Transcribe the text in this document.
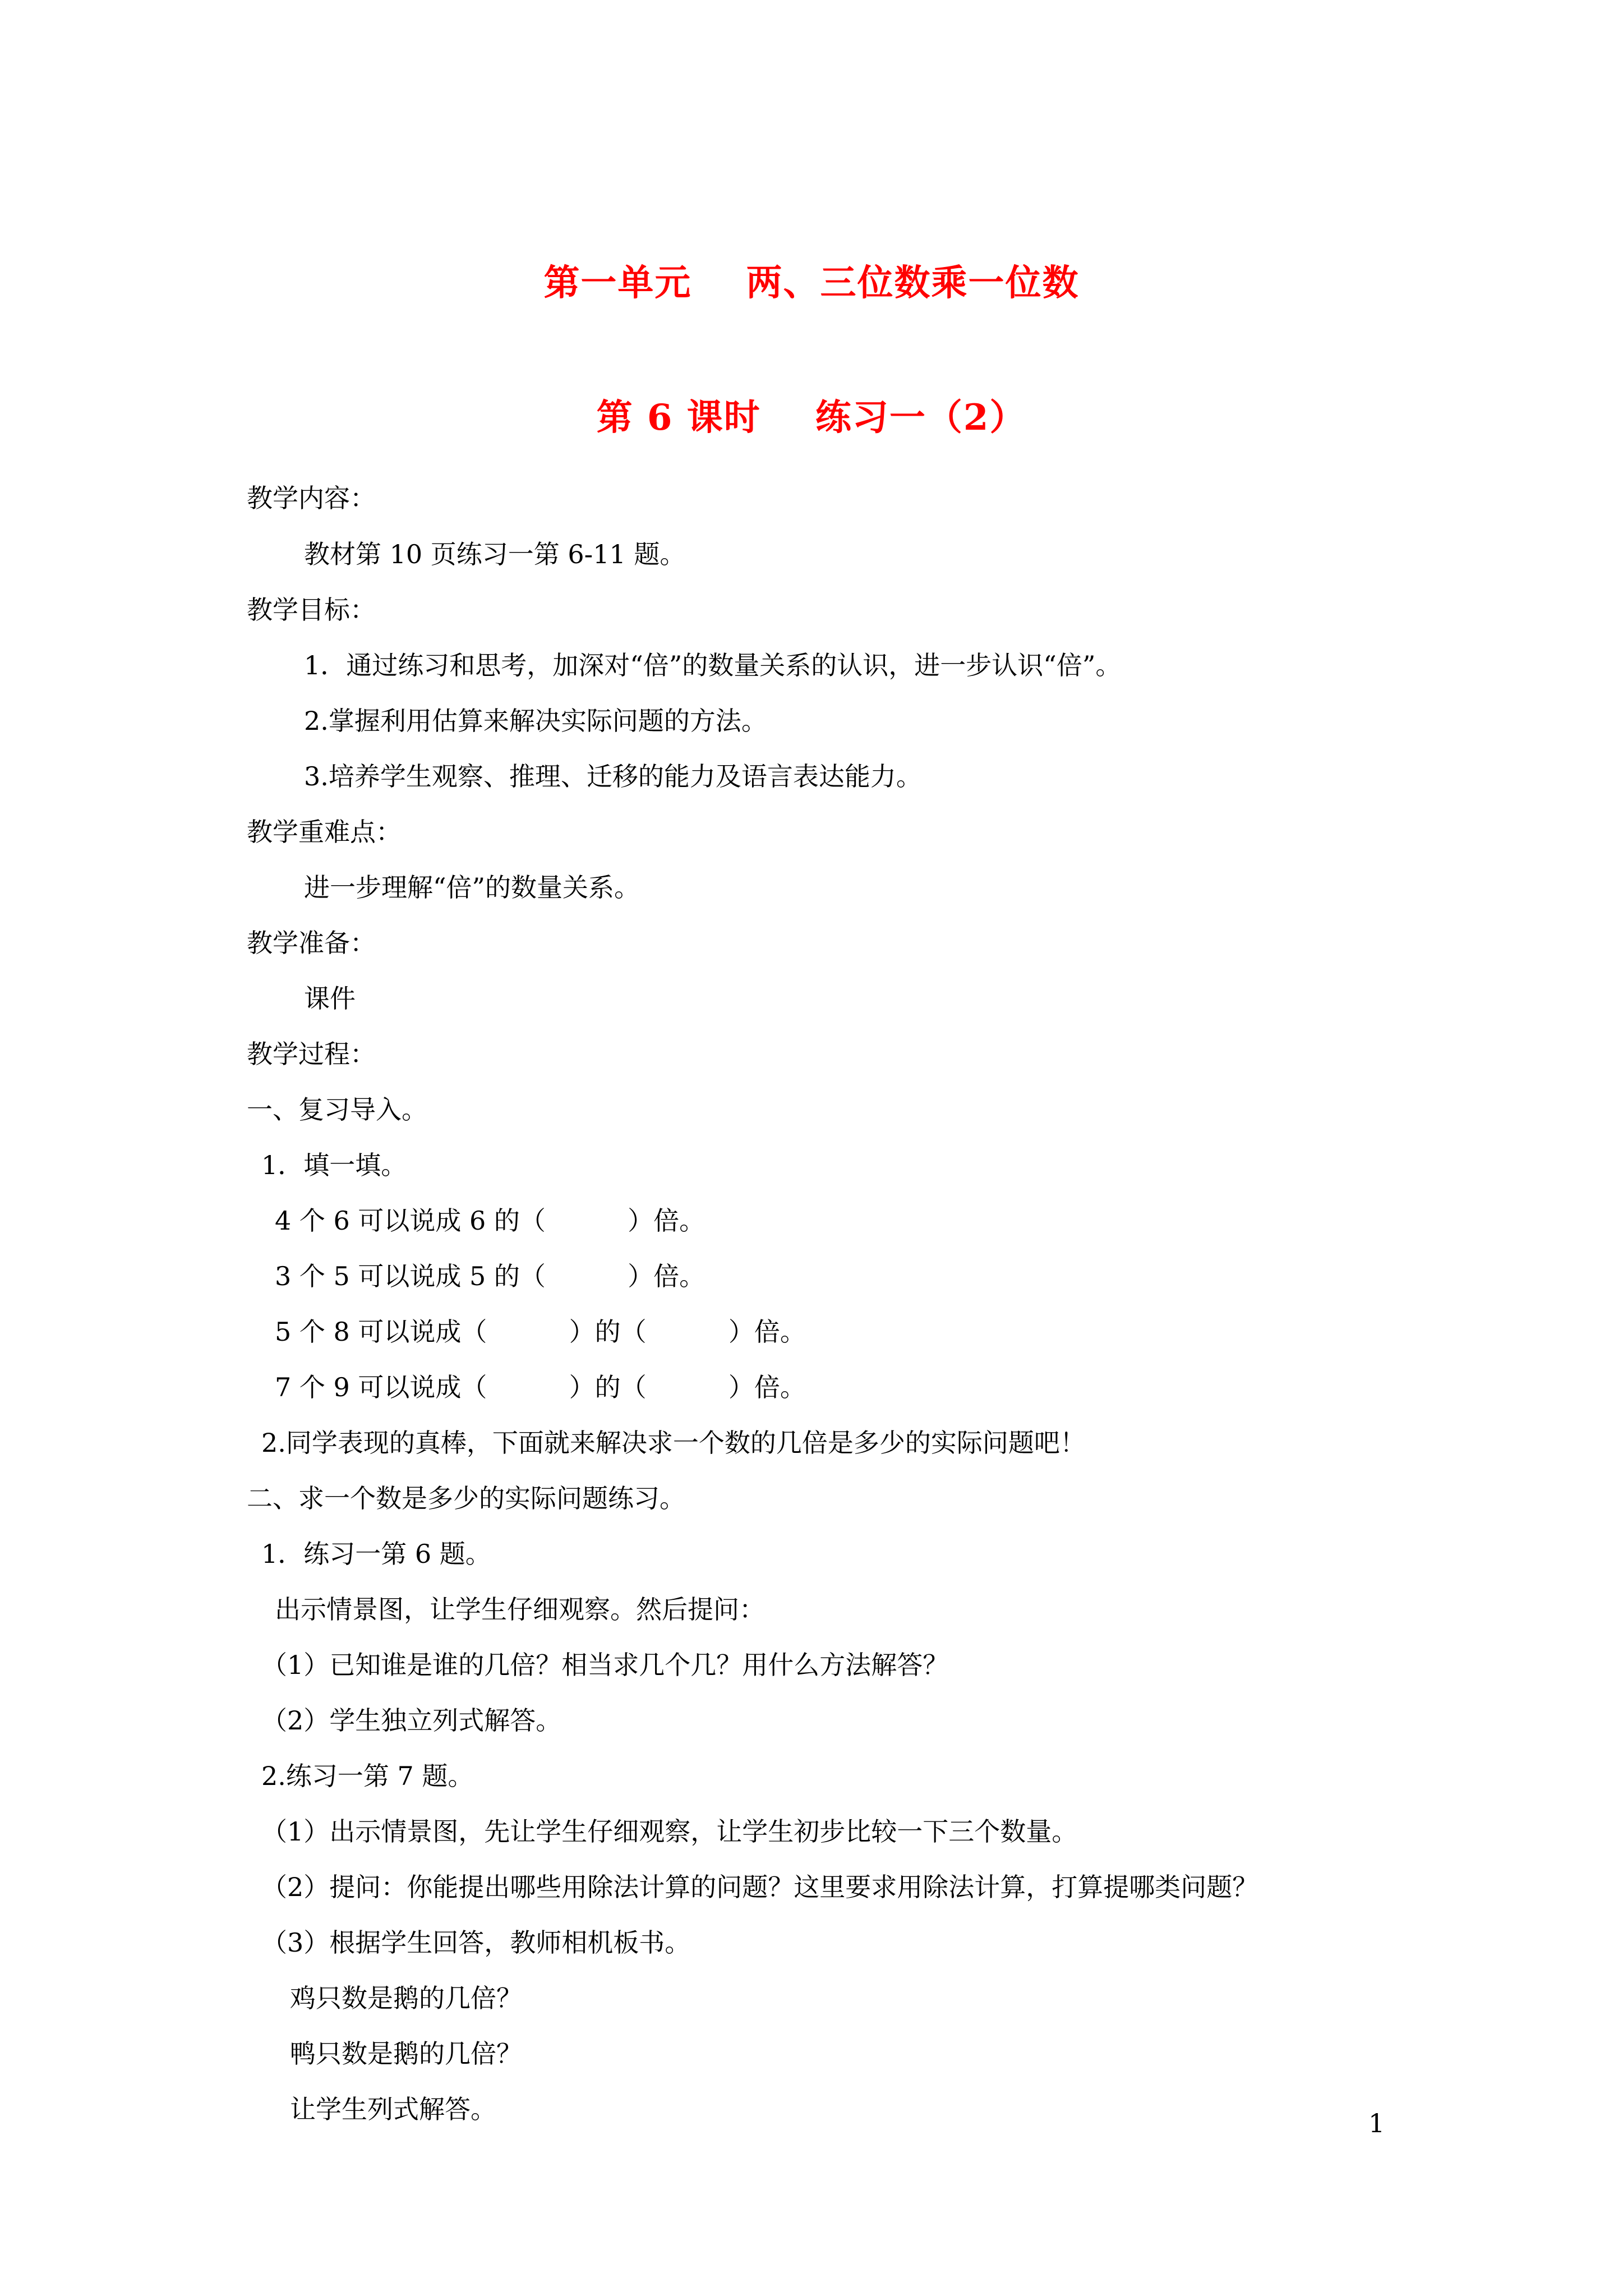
第一单元    两、三位数乘一位数
第 6 课时    练习一（2）
教学内容：
教材第 10 页练习一第 6-11 题。
教学目标：
1．通过练习和思考，加深对“倍”的数量关系的认识，进一步认识“倍”。
2.掌握利用估算来解决实际问题的方法。
3.培养学生观察、推理、迁移的能力及语言表达能力。
教学重难点：
进一步理解“倍”的数量关系。
教学准备：
课件
教学过程：
一、复习导入。
1．填一填。
4 个 6 可以说成 6 的（          ）倍。
3 个 5 可以说成 5 的（          ）倍。
5 个 8 可以说成（          ）的（          ）倍。
7 个 9 可以说成（          ）的（          ）倍。
2.同学表现的真棒，下面就来解决求一个数的几倍是多少的实际问题吧！
二、求一个数是多少的实际问题练习。
1．练习一第 6 题。
出示情景图，让学生仔细观察。然后提问：
（1）已知谁是谁的几倍？相当求几个几？用什么方法解答？
（2）学生独立列式解答。
2.练习一第 7 题。
（1）出示情景图，先让学生仔细观察，让学生初步比较一下三个数量。
（2）提问：你能提出哪些用除法计算的问题？这里要求用除法计算，打算提哪类问题？
（3）根据学生回答，教师相机板书。
鸡只数是鹅的几倍？
鸭只数是鹅的几倍？
让学生列式解答。	1
